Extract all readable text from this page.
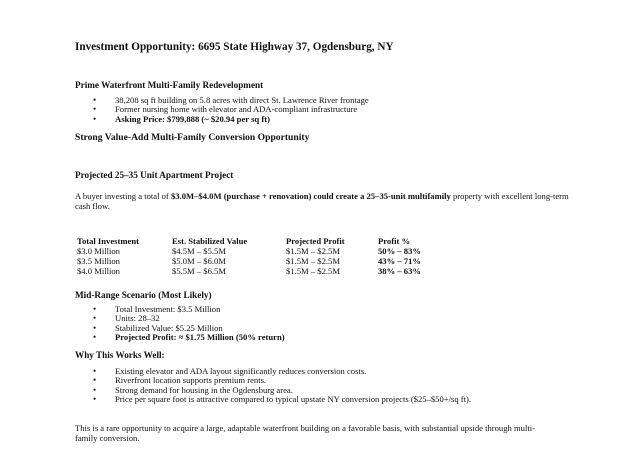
Investment Opportunity: 6695 State Highway 37, Ogdensburg, NY
Prime Waterfront Multi-Family Redevelopment
• 38,208 sq ft building on 5.8 acres with direct St. Lawrence River frontage
• Former nursing home with elevator and ADA-compliant infrastructure
• Asking Price: $799,888 (~ $20.94 per sq ft)
Strong Value-Add Multi-Family Conversion Opportunity
Projected 25–35 Unit Apartment Project
A buyer investing a total of $3.0M–$4.0M (purchase + renovation) could create a 25–35-unit multifamily property with excellent long-term cash flow.
Total Investment	Est. Stabilized Value	Projected Profit	Profit %
$3.0 Million	$4.5M – $5.5M	$1.5M – $2.5M	50% – 83%
$3.5 Million	$5.0M – $6.0M	$1.5M – $2.5M	43% – 71%
$4.0 Million	$5.5M – $6.5M	$1.5M – $2.5M	38% – 63%
Mid-Range Scenario (Most Likely)
• Total Investment: $3.5 Million
• Units: 28–32
• Stabilized Value: $5.25 Million
• Projected Profit: ≈ $1.75 Million (50% return)
Why This Works Well:
• Existing elevator and ADA layout significantly reduces conversion costs.
• Riverfront location supports premium rents.
• Strong demand for housing in the Ogdensburg area.
• Price per square foot is attractive compared to typical upstate NY conversion projects ($25–$50+/sq ft).
This is a rare opportunity to acquire a large, adaptable waterfront building on a favorable basis, with substantial upside through multi-family conversion.
